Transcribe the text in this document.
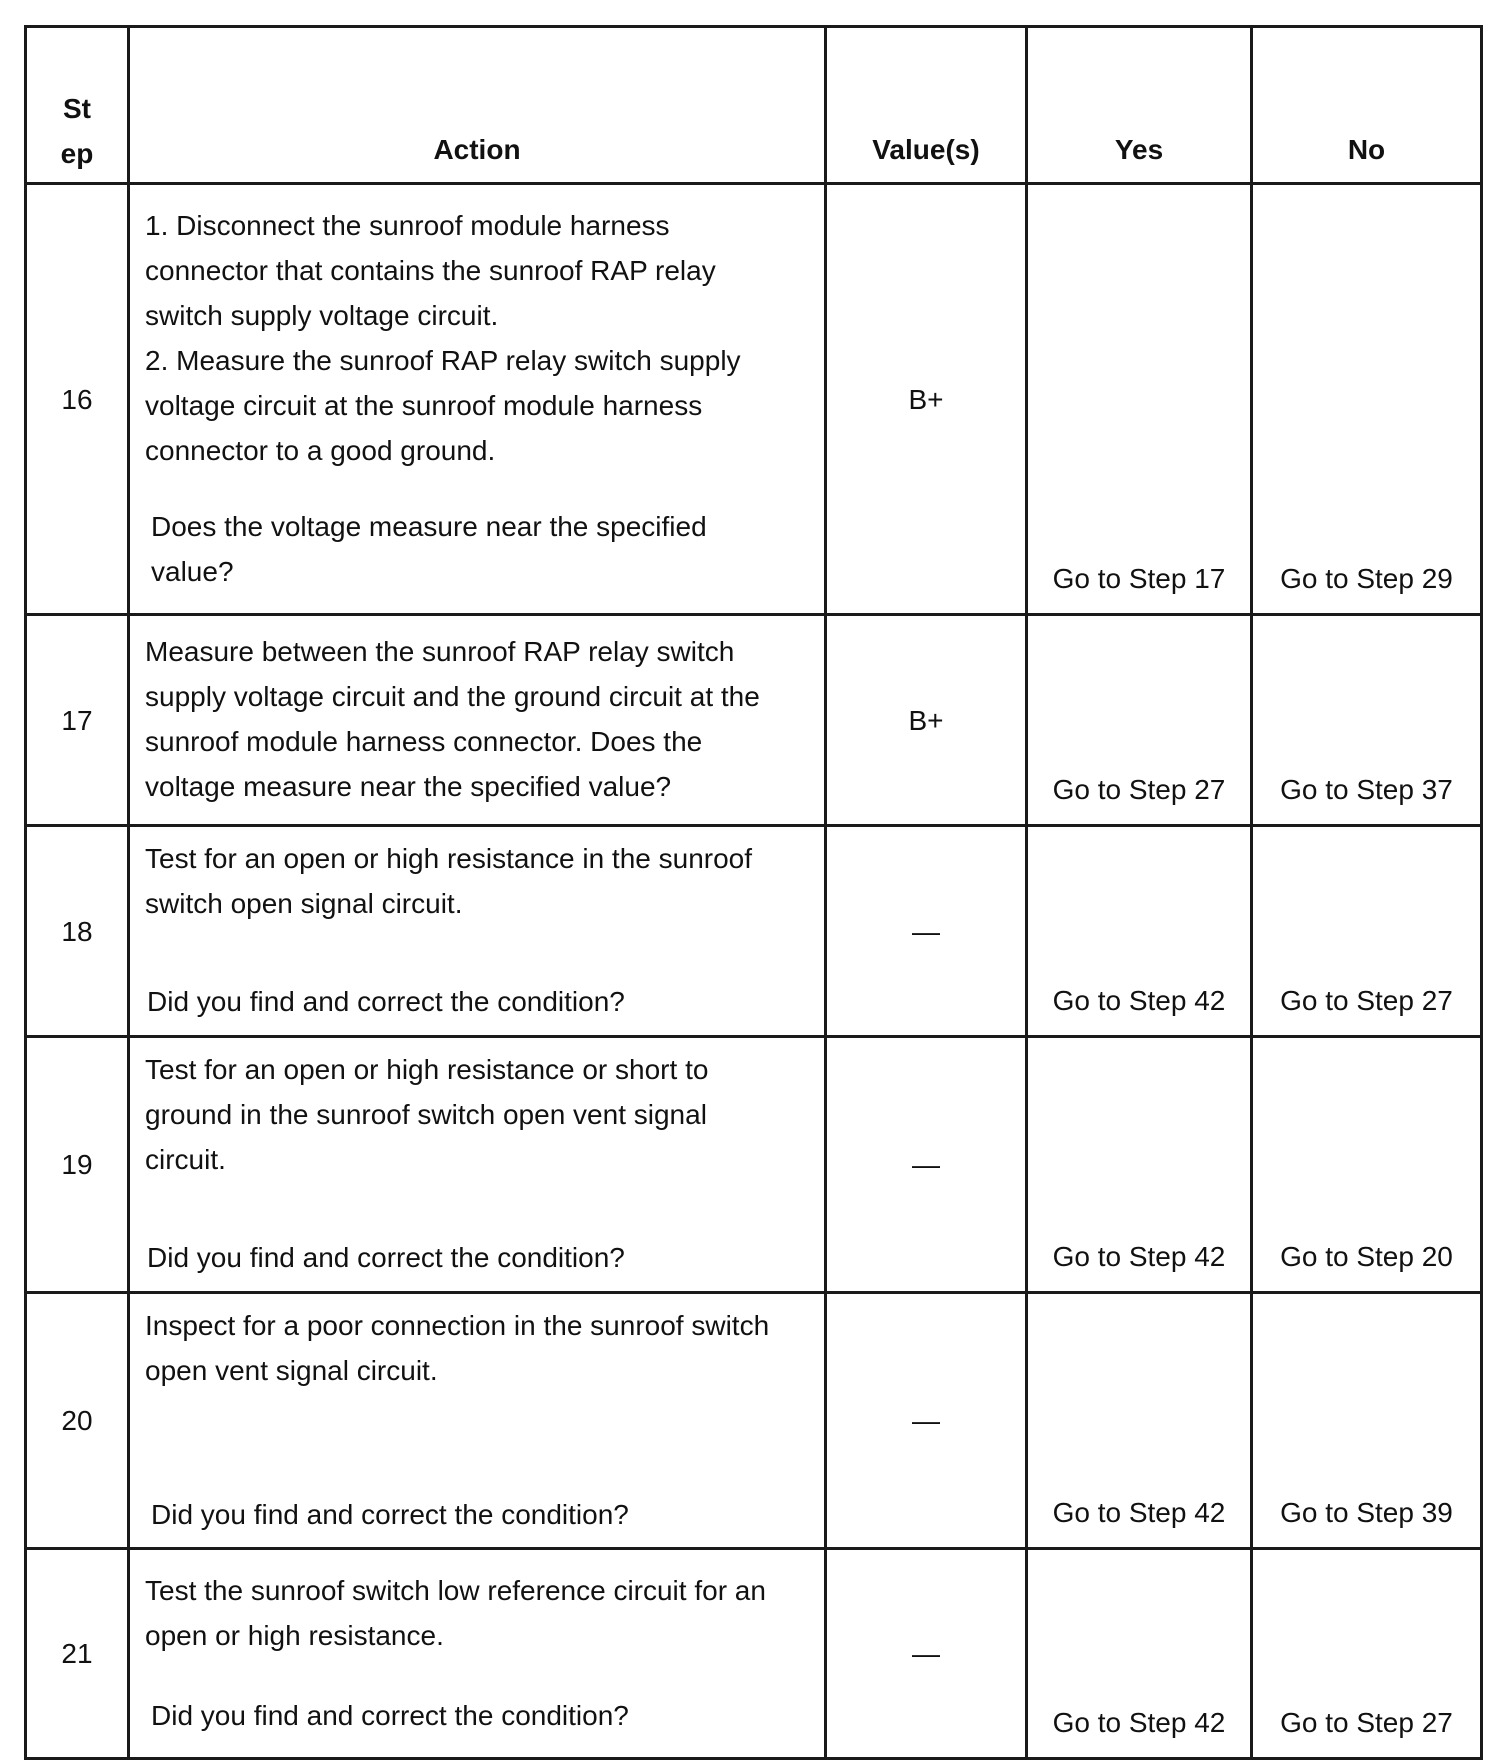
St ep	Action	Value(s)	Yes	No
16	1. Disconnect the sunroof module harness connector that contains the sunroof RAP relay switch supply voltage circuit.
2. Measure the sunroof RAP relay switch supply voltage circuit at the sunroof module harness connector to a good ground.
Does the voltage measure near the specified value?	B+	Go to Step 17	Go to Step 29
17	Measure between the sunroof RAP relay switch supply voltage circuit and the ground circuit at the sunroof module harness connector. Does the voltage measure near the specified value?	B+	Go to Step 27	Go to Step 37
18	Test for an open or high resistance in the sunroof switch open signal circuit.
Did you find and correct the condition?	—	Go to Step 42	Go to Step 27
19	Test for an open or high resistance or short to ground in the sunroof switch open vent signal circuit.
Did you find and correct the condition?	—	Go to Step 42	Go to Step 20
20	Inspect for a poor connection in the sunroof switch open vent signal circuit.
Did you find and correct the condition?	—	Go to Step 42	Go to Step 39
21	Test the sunroof switch low reference circuit for an open or high resistance.
Did you find and correct the condition?	—	Go to Step 42	Go to Step 27
